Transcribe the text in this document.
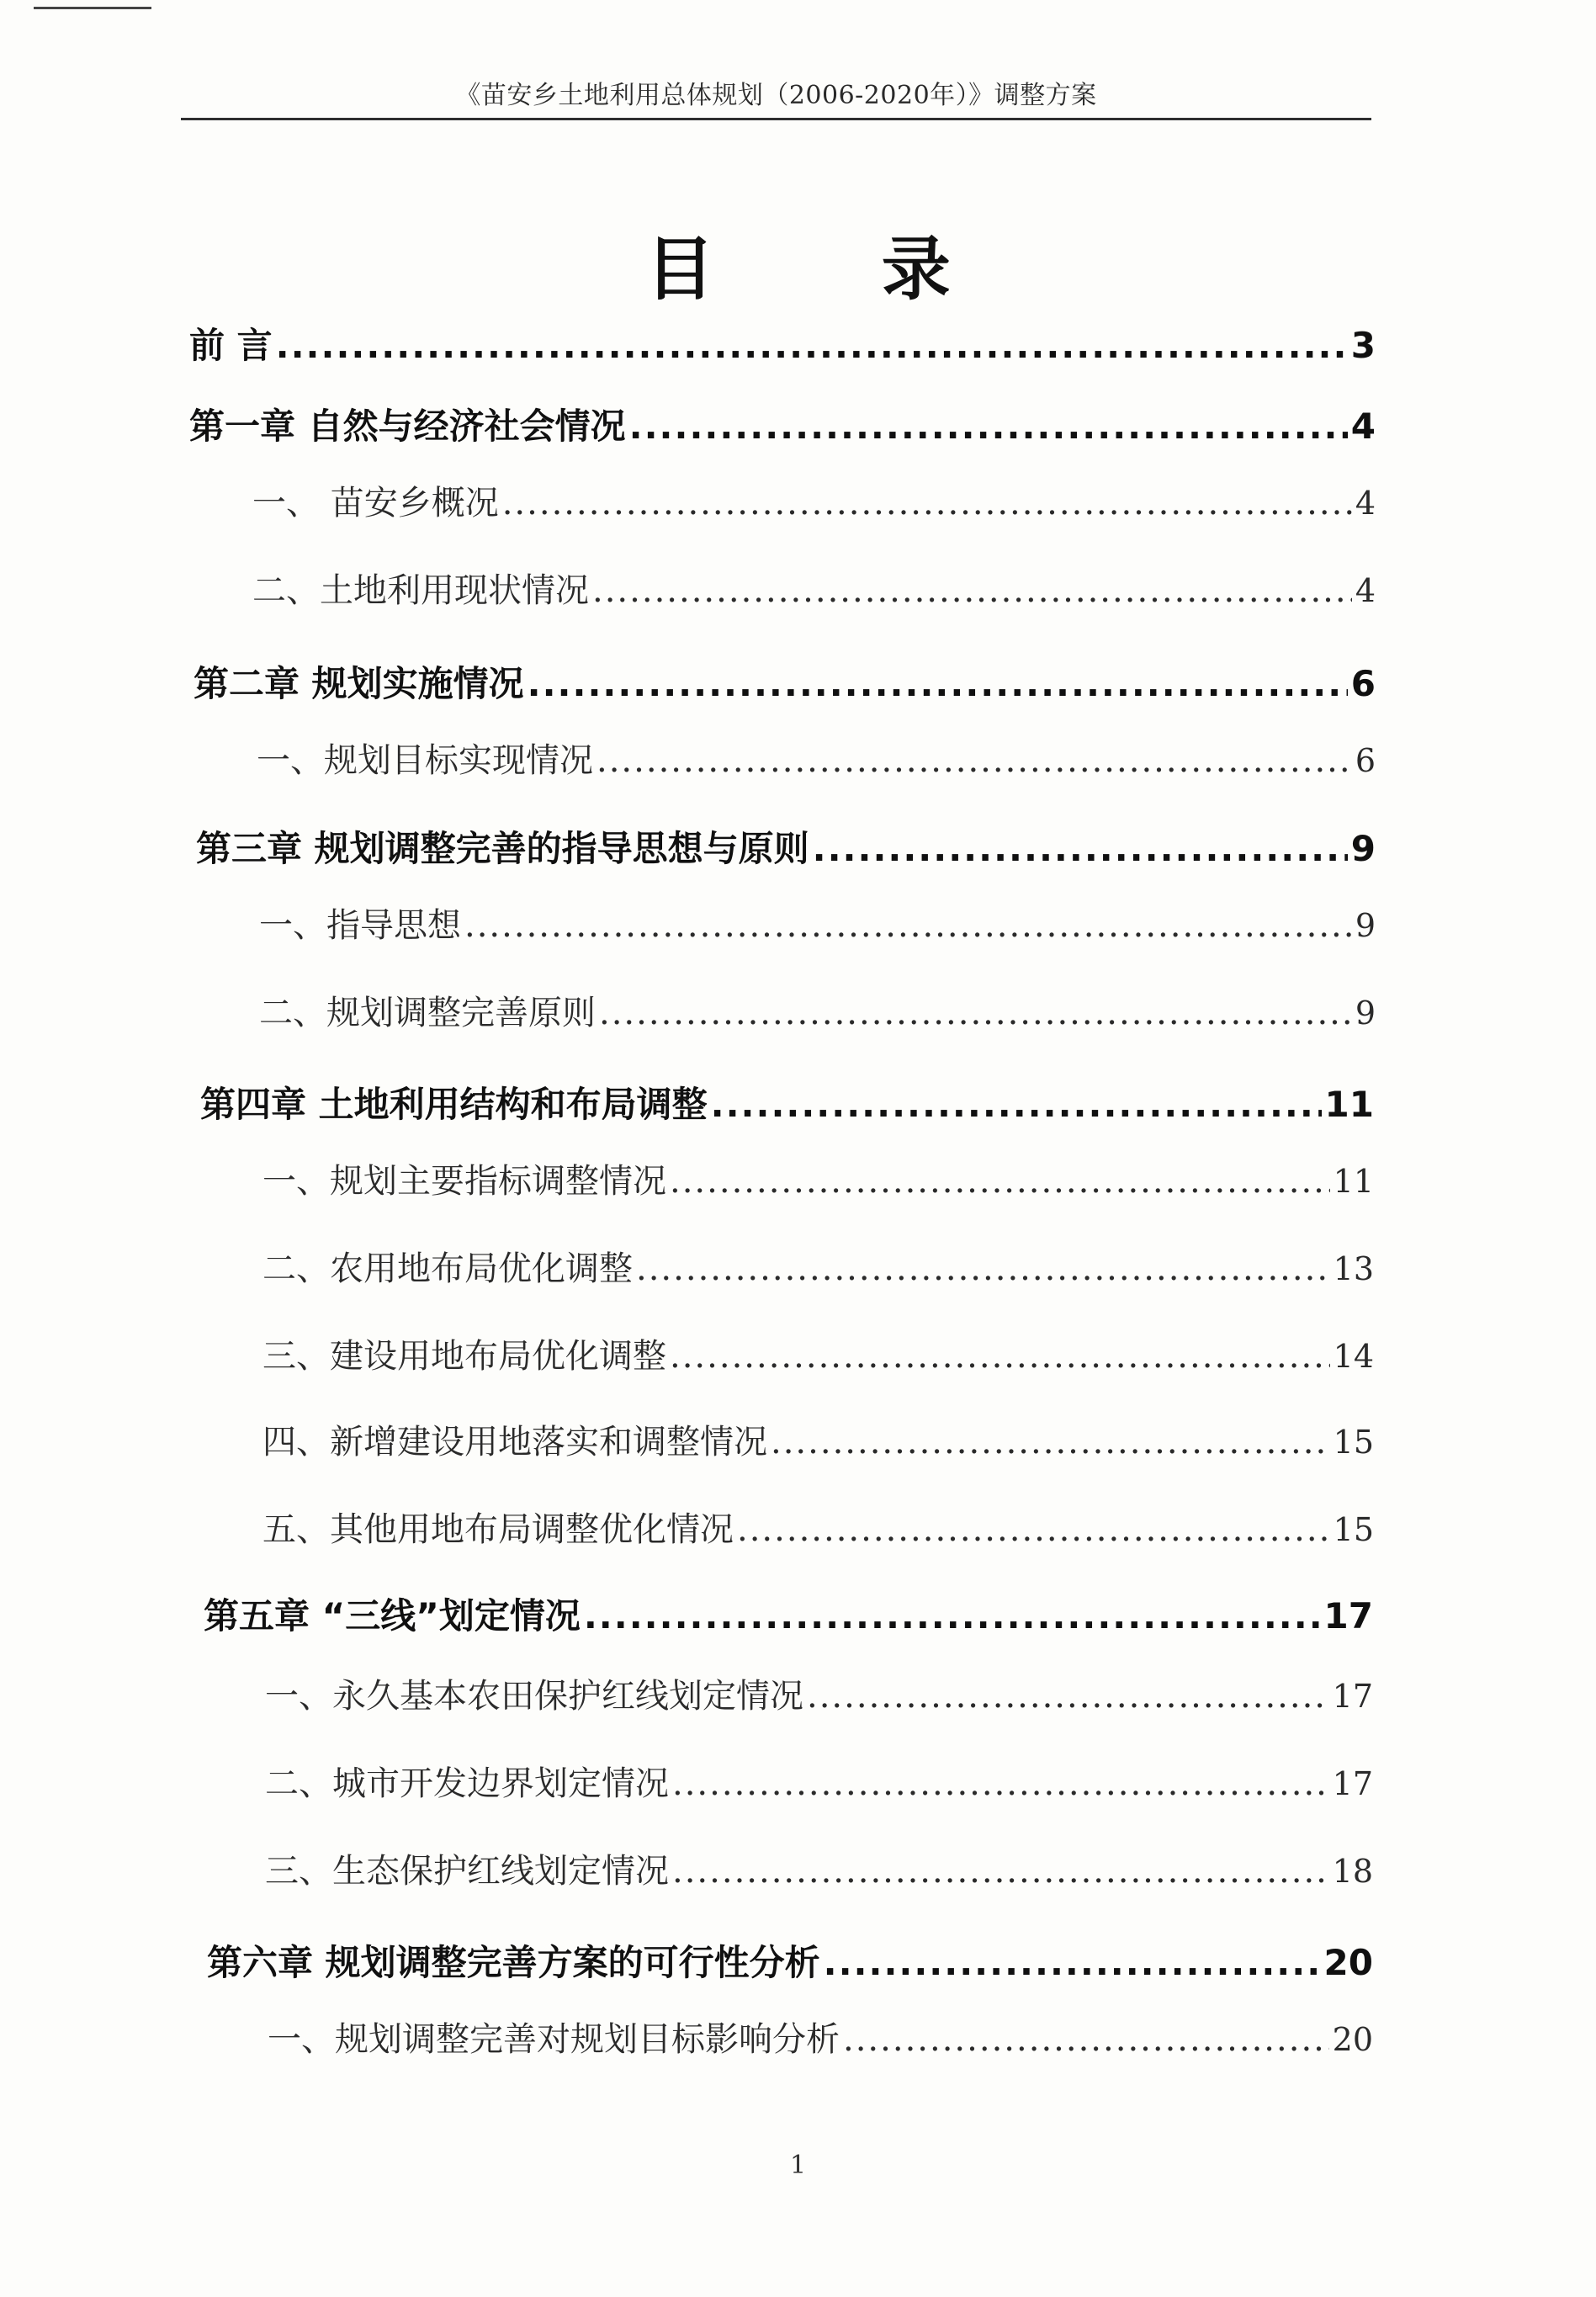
《苗安乡土地利用总体规划（2006-2020年）》调整方案
目 录
前 言 .....	3
第一章 自然与经济社会情况 .....	4
一、 苗安乡概况 .....	4
二、土地利用现状情况 .....	4
第二章 规划实施情况 .....	6
一、规划目标实现情况 .....	6
第三章 规划调整完善的指导思想与原则 .....	9
一、指导思想 .....	9
二、规划调整完善原则 .....	9
第四章 土地利用结构和布局调整 .....	11
一、规划主要指标调整情况 .....	11
二、农用地布局优化调整 .....	13
三、建设用地布局优化调整 .....	14
四、新增建设用地落实和调整情况 .....	15
五、其他用地布局调整优化情况 .....	15
第五章 “三线”划定情况 .....	17
一、永久基本农田保护红线划定情况 .....	17
二、城市开发边界划定情况 .....	17
三、生态保护红线划定情况 .....	18
第六章 规划调整完善方案的可行性分析 .....	20
一、规划调整完善对规划目标影响分析 .....	20
1
